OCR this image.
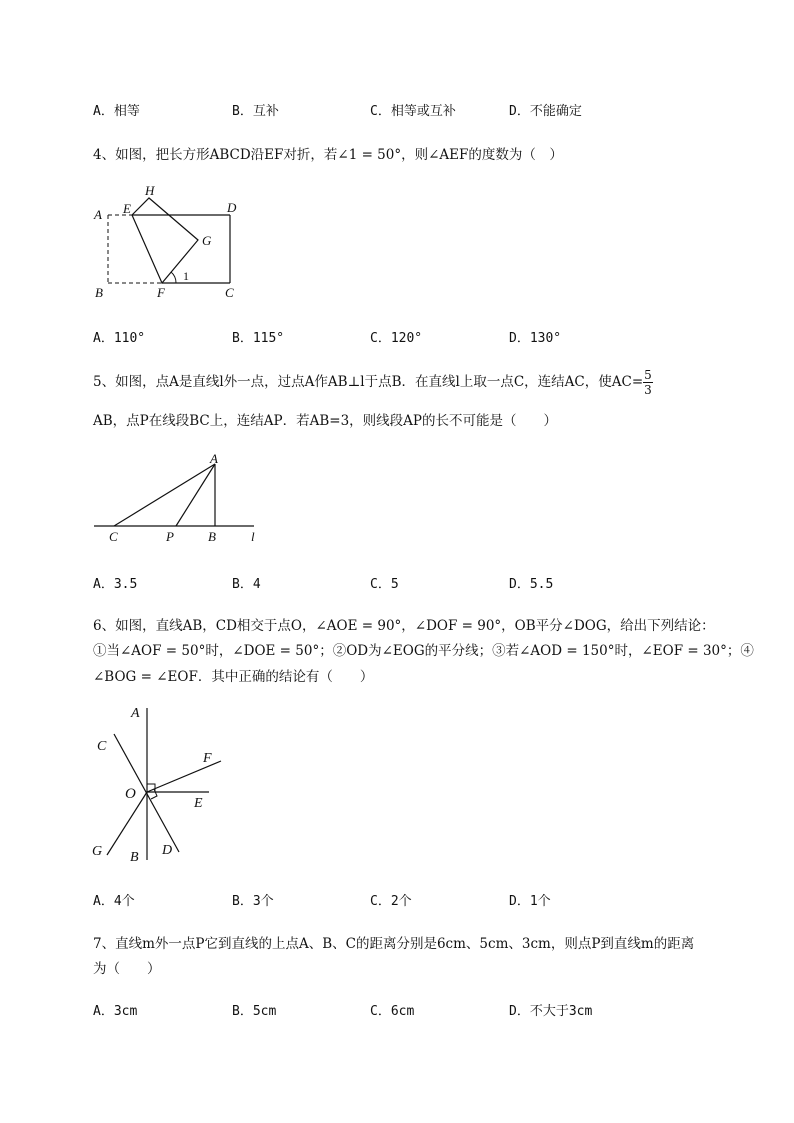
A．相等	B．互补	C．相等或互补	D．不能确定
4、如图，把长方形ABCD沿EF对折，若∠1 = 50°，则∠AEF的度数为（　）
H
A E	D
G
1
B	F	C
A．110°	B．115°	C．120°	D．130°
5、如图，点A是直线l外一点，过点A作AB⊥l于点B．在直线l上取一点C，连结AC，使$AC= \frac{5}{3}$
AB，点P在线段BC上，连结AP．若AB=3，则线段AP的长不可能是（　　）
A
C	P	B	l
A．3.5	B．4	C．5	D．5.5
6、如图，直线AB，CD相交于点O，∠AOE = 90°，∠DOF = 90°，OB平分∠DOG，给出下列结论：
①当∠AOF = 50°时，∠DOE = 50°；②OD为∠EOG的平分线；③若∠AOD = 150°时，∠EOF = 30°；④
∠BOG = ∠EOF．其中正确的结论有（　　）
A
C
F
O
E
G B D
A．4个	B．3个	C．2个	D．1个
7、直线m外一点P它到直线的上点A、B、C的距离分别是6cm、5cm、3cm，则点P到直线m的距离
为（　　）
A．3cm	B．5cm	C．6cm	D．不大于3cm
